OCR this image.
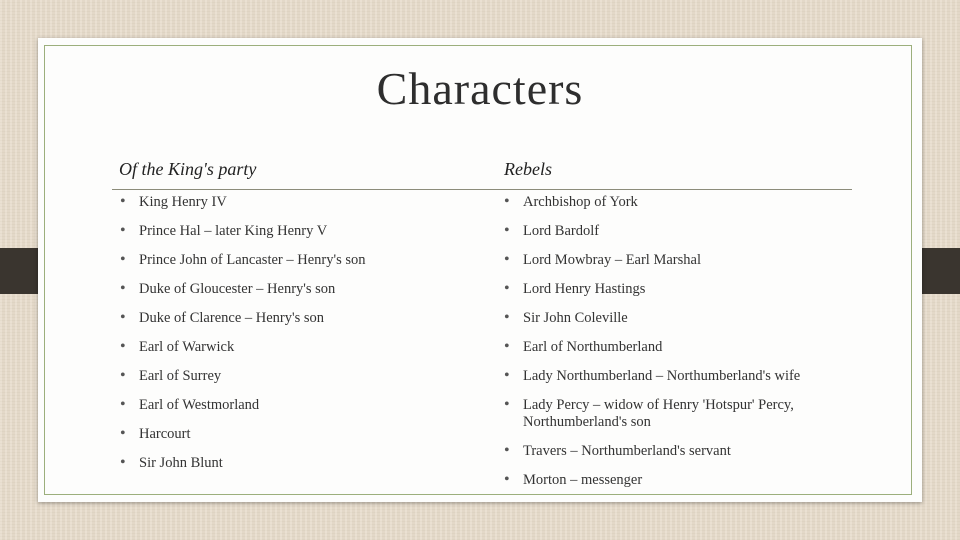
Characters
Of the King's party	Rebels
• King Henry IV
• Prince Hal – later King Henry V
• Prince John of Lancaster – Henry's son
• Duke of Gloucester – Henry's son
• Duke of Clarence – Henry's son
• Earl of Warwick
• Earl of Surrey
• Earl of Westmorland
• Harcourt
• Sir John Blunt
• Archbishop of York
• Lord Bardolf
• Lord Mowbray – Earl Marshal
• Lord Henry Hastings
• Sir John Coleville
• Earl of Northumberland
• Lady Northumberland – Northumberland's wife
• Lady Percy – widow of Henry 'Hotspur' Percy, Northumberland's son
• Travers – Northumberland's servant
• Morton – messenger
